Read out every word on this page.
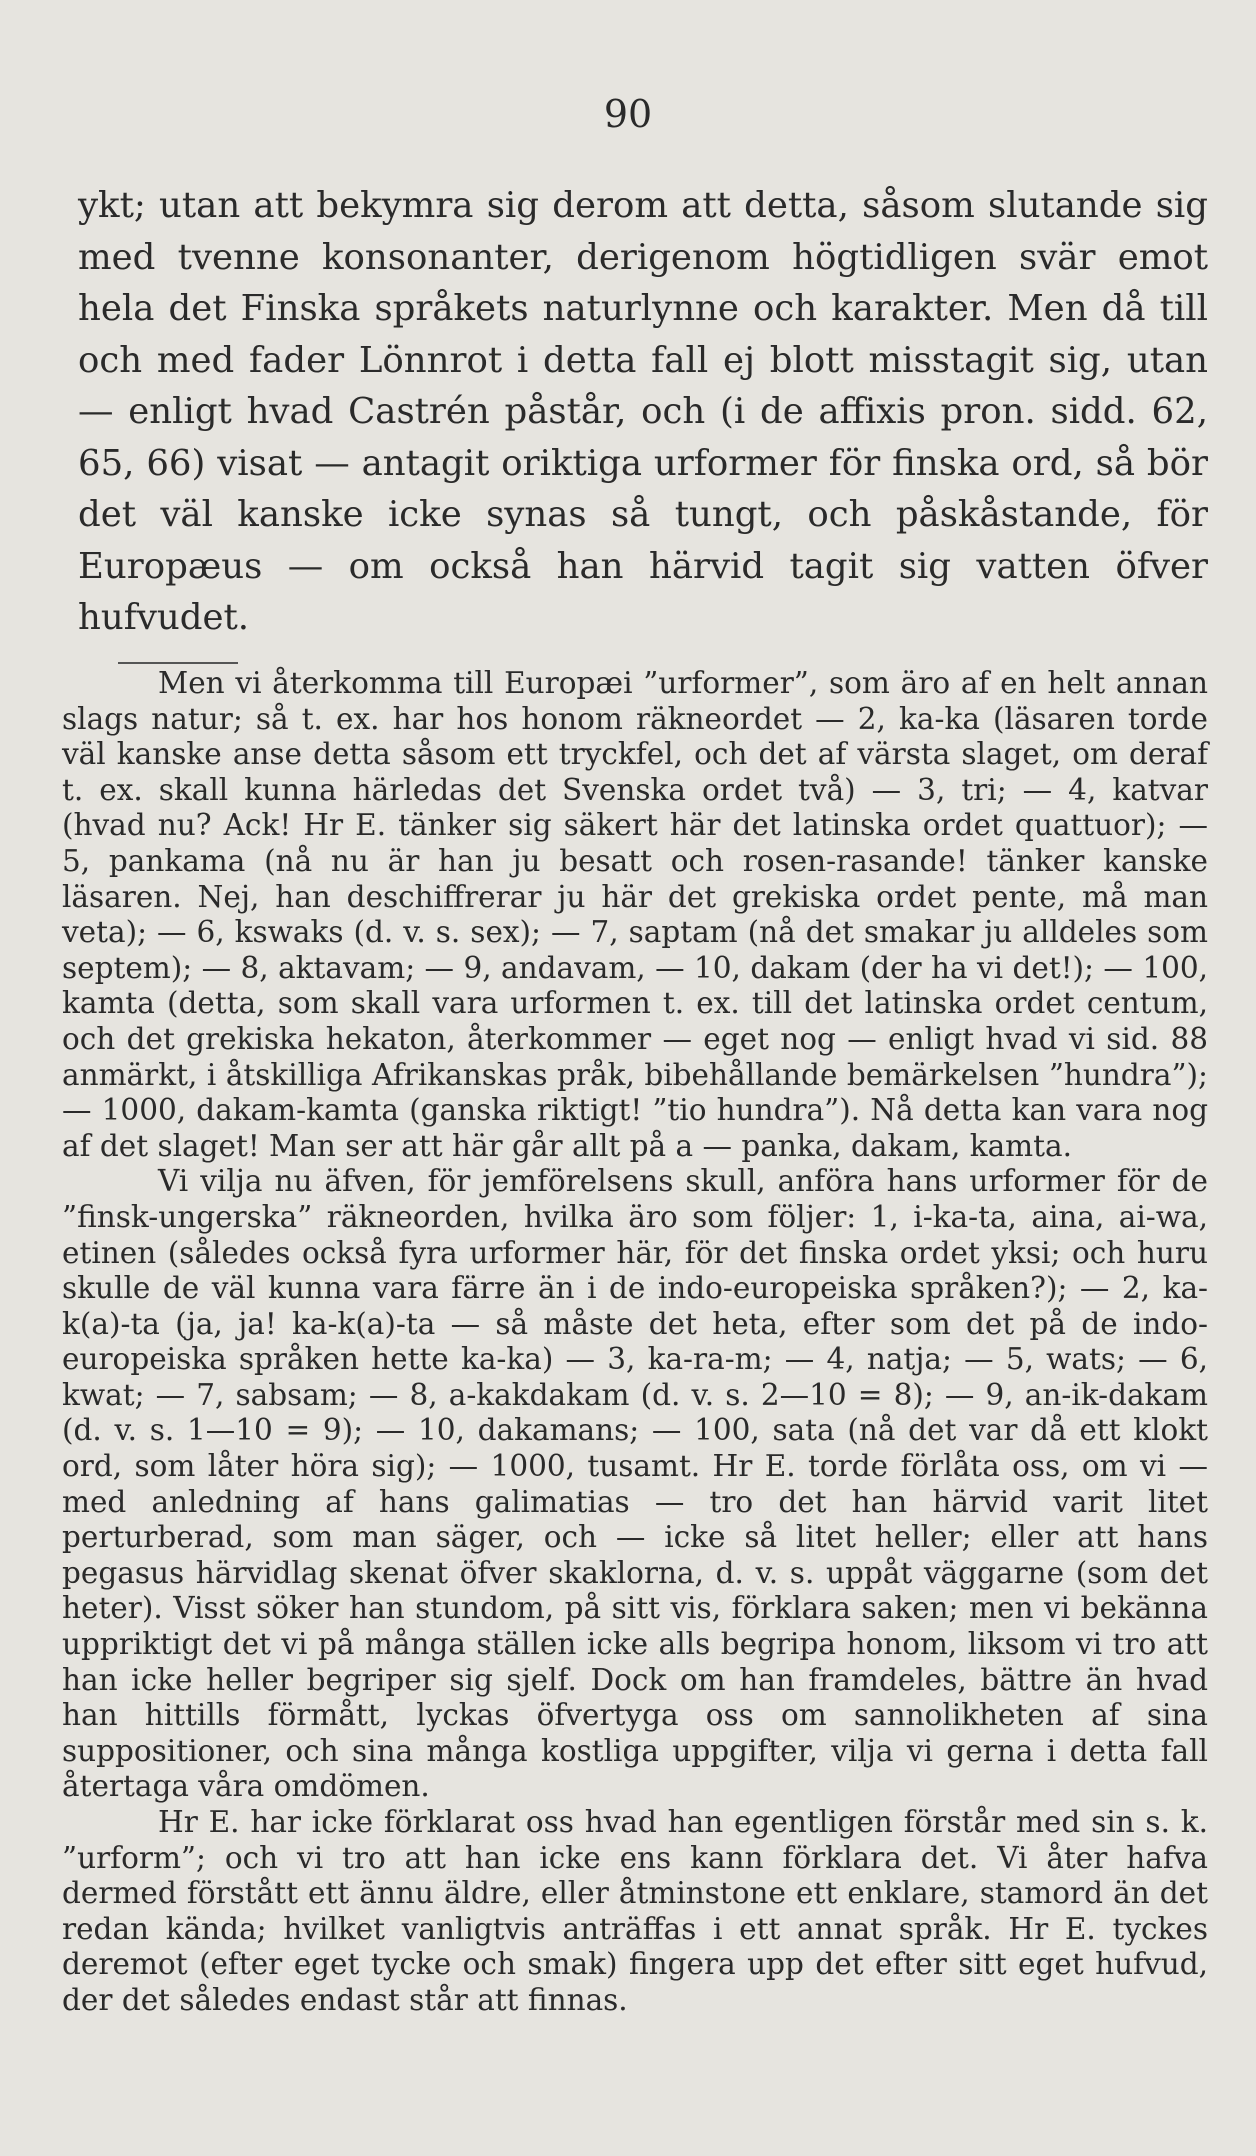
90

ykt; utan att bekymra sig derom att detta, såsom slutande sig med tvenne konsonanter, derigenom högtidligen svär emot hela det Finska språkets naturlynne och karakter. Men då till och med fader Lönnrot i detta fall ej blott misstagit sig, utan — enligt hvad Castrén påstår, och (i de affixis pron. sidd. 62, 65, 66) visat — antagit oriktiga urformer för finska ord, så bör det väl kanske icke synas så tungt, och påskåstande, för Europæus — om också han härvid tagit sig vatten öfver hufvudet.

Men vi återkomma till Europæi ”urformer”, som äro af en helt annan slags natur; så t. ex. har hos honom räkneordet — 2, ka-ka (läsaren torde väl kanske anse detta såsom ett tryckfel, och det af värsta slaget, om deraf t. ex. skall kunna härledas det Svenska ordet två) — 3, tri; — 4, katvar (hvad nu? Ack! Hr E. tänker sig säkert här det latinska ordet quattuor); — 5, pankama (nå nu är han ju besatt och rosen-rasande! tänker kanske läsaren. Nej, han deschiffrerar ju här det grekiska ordet pente, må man veta); — 6, kswaks (d. v. s. sex); — 7, saptam (nå det smakar ju alldeles som septem); — 8, aktavam; — 9, andavam, — 10, dakam (der ha vi det!); — 100, kamta (detta, som skall vara urformen t. ex. till det latinska ordet centum, och det grekiska hekaton, återkommer — eget nog — enligt hvad vi sid. 88 anmärkt, i åtskilliga Afrikanskas pråk, bibehållande bemärkelsen ”hundra”); — 1000, dakam-kamta (ganska riktigt! ”tio hundra”). Nå detta kan vara nog af det slaget! Man ser att här går allt på a — panka, dakam, kamta.

Vi vilja nu äfven, för jemförelsens skull, anföra hans urformer för de ”finsk-ungerska” räkneorden, hvilka äro som följer: 1, i-ka-ta, aina, ai-wa, etinen (således också fyra urformer här, för det finska ordet yksi; och huru skulle de väl kunna vara färre än i de indo-europeiska språken?); — 2, ka-k(a)-ta (ja, ja! ka-k(a)-ta — så måste det heta, efter som det på de indo-europeiska språken hette ka-ka) — 3, ka-ra-m; — 4, natja; — 5, wats; — 6, kwat; — 7, sabsam; — 8, a-kakdakam (d. v. s. 2—10 = 8); — 9, an-ik-dakam (d. v. s. 1—10 = 9); — 10, dakamans; — 100, sata (nå det var då ett klokt ord, som låter höra sig); — 1000, tusamt. Hr E. torde förlåta oss, om vi — med anledning af hans galimatias — tro det han härvid varit litet perturberad, som man säger, och — icke så litet heller; eller att hans pegasus härvidlag skenat öfver skaklorna, d. v. s. uppåt väggarne (som det heter). Visst söker han stundom, på sitt vis, förklara saken; men vi bekänna uppriktigt det vi på många ställen icke alls begripa honom, liksom vi tro att han icke heller begriper sig sjelf. Dock om han framdeles, bättre än hvad han hittills förmått, lyckas öfvertyga oss om sannolikheten af sina suppositioner, och sina många kostliga uppgifter, vilja vi gerna i detta fall återtaga våra omdömen.

Hr E. har icke förklarat oss hvad han egentligen förstår med sin s. k. ”urform”; och vi tro att han icke ens kann förklara det. Vi åter hafva dermed förstått ett ännu äldre, eller åtminstone ett enklare, stamord än det redan kända; hvilket vanligtvis anträffas i ett annat språk. Hr E. tyckes deremot (efter eget tycke och smak) fingera upp det efter sitt eget hufvud, der det således endast står att finnas.
